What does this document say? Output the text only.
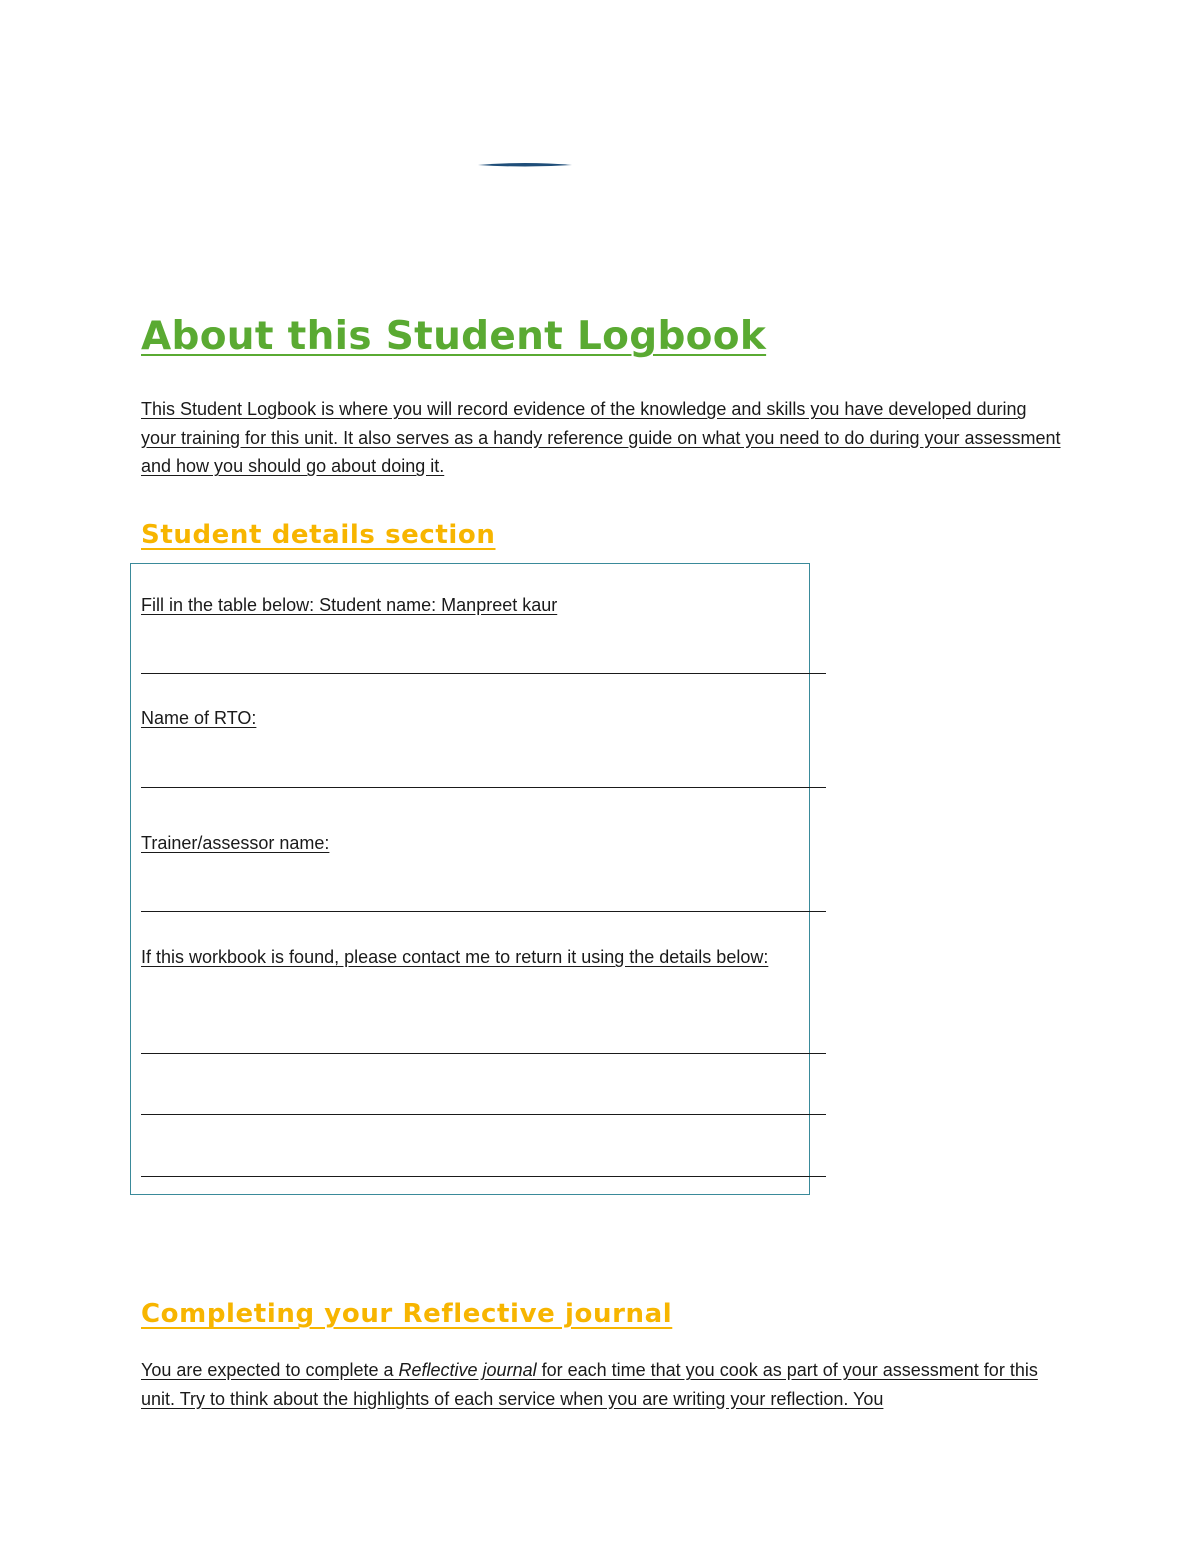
About this Student Logbook

This Student Logbook is where you will record evidence of the knowledge and skills you have developed during your training for this unit. It also serves as a handy reference guide on what you need to do during your assessment and how you should go about doing it.

Student details section

Fill in the table below: Student name: Manpreet kaur

Name of RTO:

Trainer/assessor name:

If this workbook is found, please contact me to return it using the details below:

Completing your Reflective journal

You are expected to complete a Reflective journal for each time that you cook as part of your assessment for this unit. Try to think about the highlights of each service when you are writing your reflection. You
